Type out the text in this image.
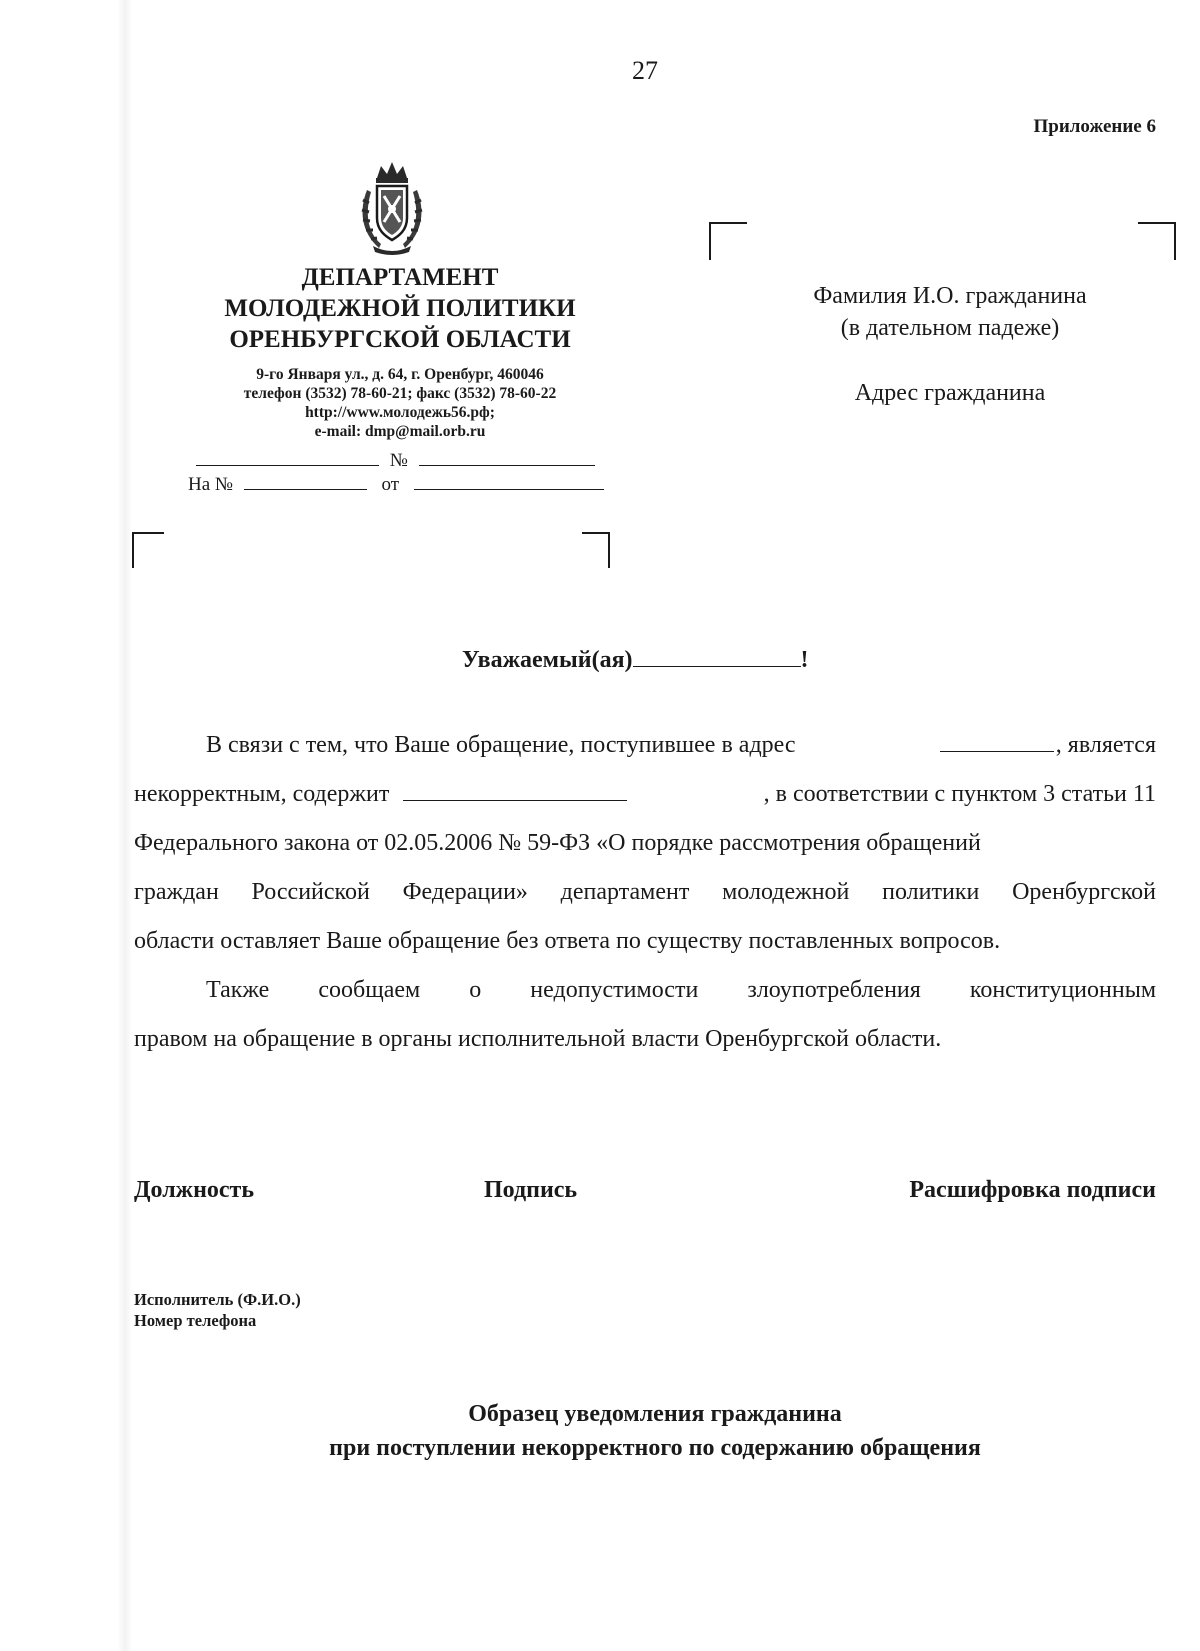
27
Приложение 6
ДЕПАРТАМЕНТ
МОЛОДЕЖНОЙ ПОЛИТИКИ
ОРЕНБУРГСКОЙ ОБЛАСТИ
9-го Января ул., д. 64, г. Оренбург, 460046
телефон (3532) 78-60-21; факс (3532) 78-60-22
http://www.молодежь56.рф;
e-mail: dmp@mail.orb.ru
№
На №	от
Фамилия И.О. гражданина
(в дательном падеже)
Адрес гражданина
Уважаемый(ая)	!
В связи с тем, что Ваше обращение, поступившее в адрес	, является
некорректным, содержит	, в соответствии с пунктом 3 статьи 11
Федерального закона от 02.05.2006 № 59-ФЗ «О порядке рассмотрения обращений
граждан Российской Федерации» департамент молодежной политики Оренбургской
области оставляет Ваше обращение без ответа по существу поставленных вопросов.
Также сообщаем о недопустимости злоупотребления конституционным
правом на обращение в органы исполнительной власти Оренбургской области.
Должность	Подпись	Расшифровка подписи
Исполнитель (Ф.И.О.)
Номер телефона
Образец уведомления гражданина
при поступлении некорректного по содержанию обращения
